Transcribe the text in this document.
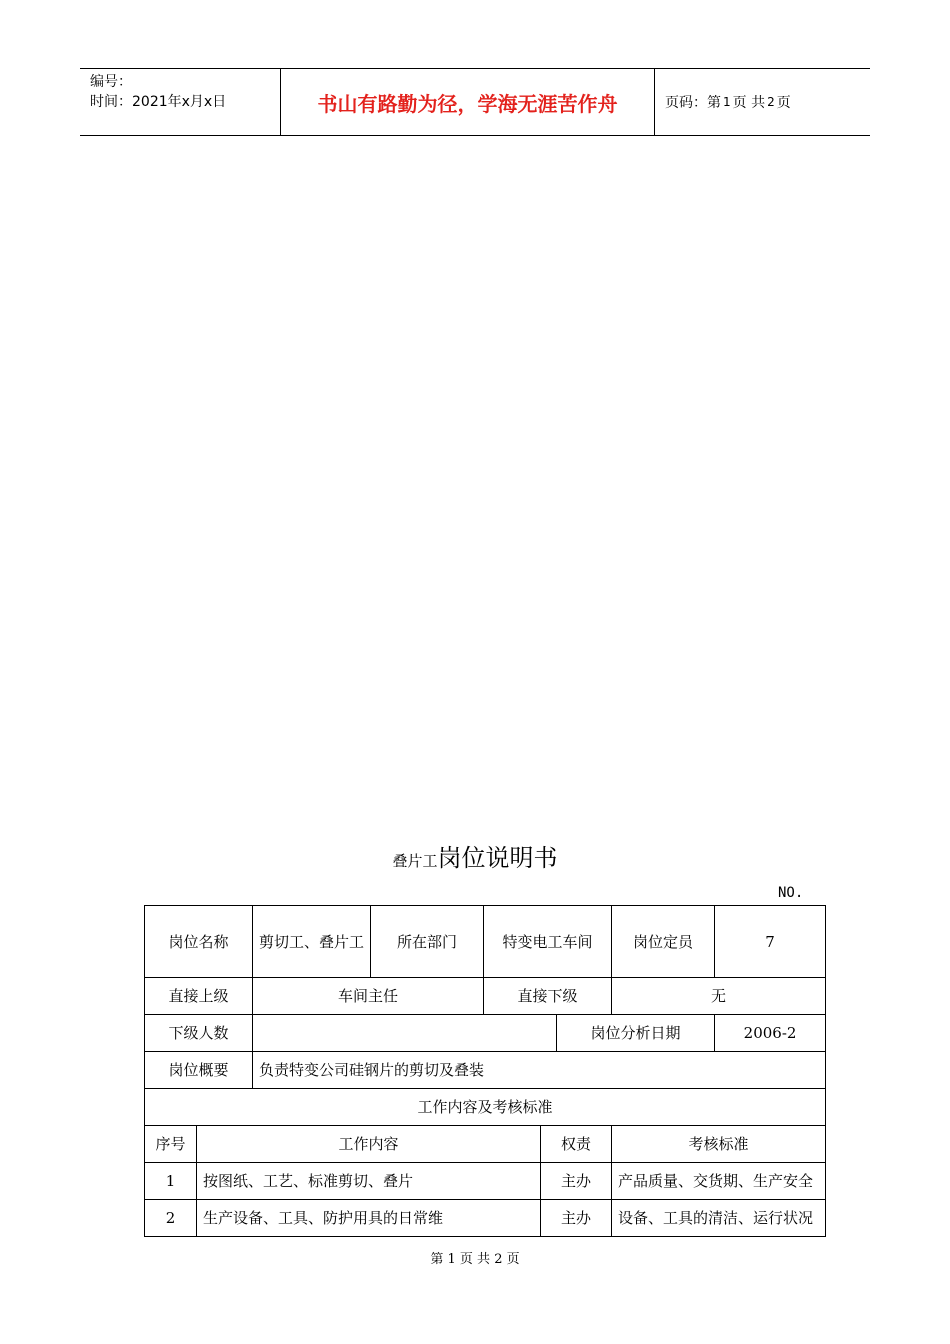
编号：
时间：2021年x月x日	书山有路勤为径，学海无涯苦作舟	页码：第 1 页 共 2 页
叠片工岗位说明书
NO.
岗位名称		剪切工、叠片工	所在部门	特变电工车间			岗位定员	7
直接上级		车间主任		直接下级			无	
下级人数						岗位分析日期		2006-2
岗位概要		负责特变公司硅钢片的剪切及叠装						
工作内容及考核标准								
序号	工作内容				权责		考核标准	
1	按图纸、工艺、标准剪切、叠片				主办		产品质量、交货期、生产安全	
2	生产设备、工具、防护用具的日常维				主办		设备、工具的清洁、运行状况	
第 1 页 共 2 页
